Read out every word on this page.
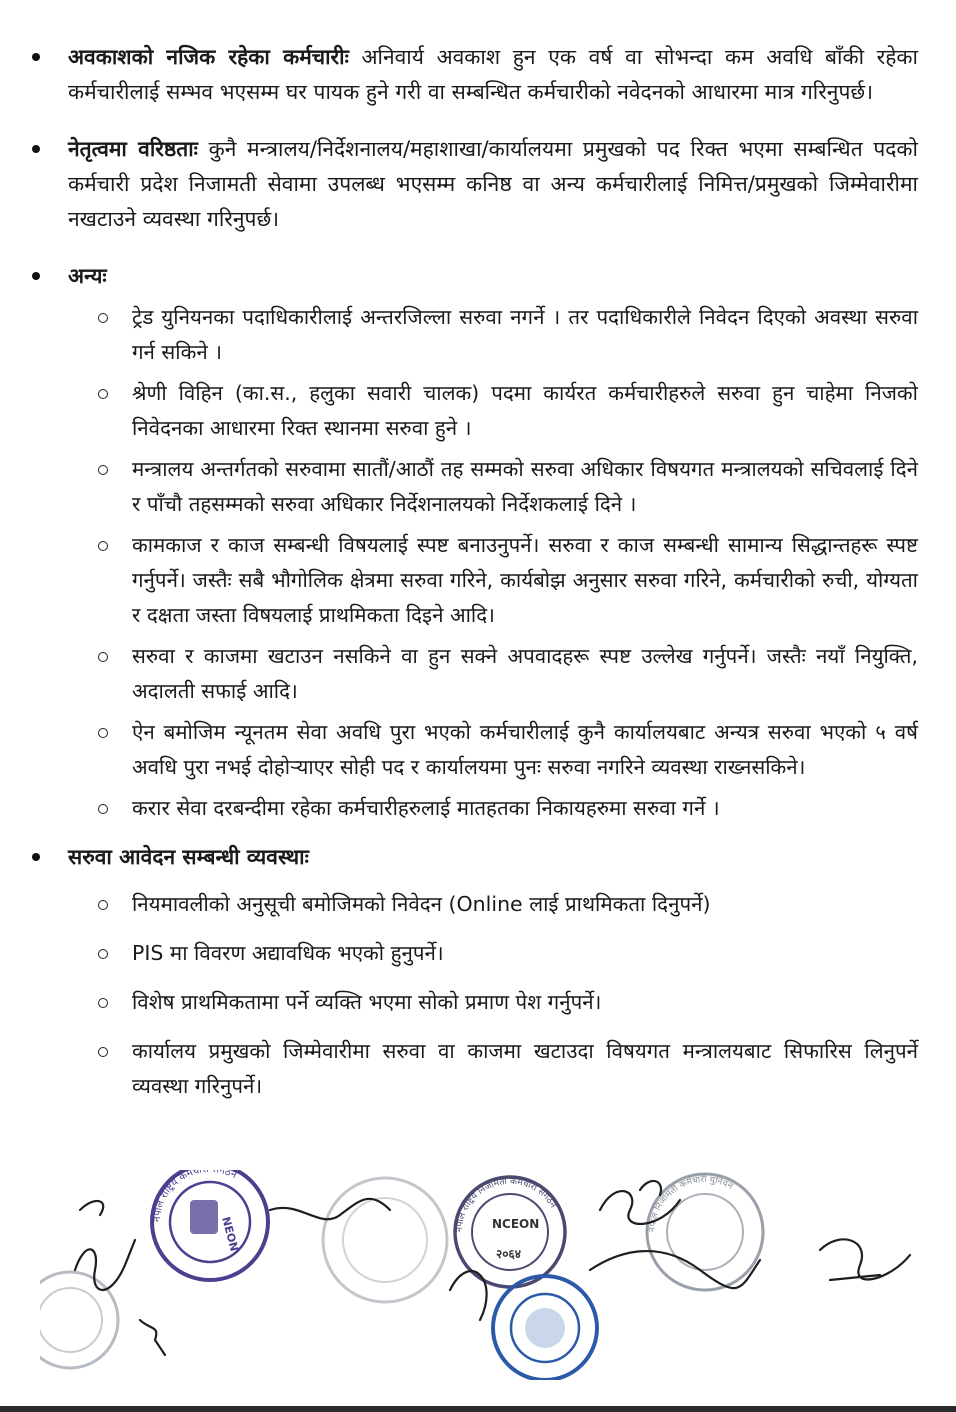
अवकाशको नजिक रहेका कर्मचारीः अनिवार्य अवकाश हुन एक वर्ष वा सोभन्दा कम अवधि बाँकी रहेका कर्मचारीलाई सम्भव भएसम्म घर पायक हुने गरी वा सम्बन्धित कर्मचारीको नवेदनको आधारमा मात्र गरिनुपर्छ।
नेतृत्वमा वरिष्ठताः कुनै मन्त्रालय/निर्देशनालय/महाशाखा/कार्यालयमा प्रमुखको पद रिक्त भएमा सम्बन्धित पदको कर्मचारी प्रदेश निजामती सेवामा उपलब्ध भएसम्म कनिष्ठ वा अन्य कर्मचारीलाई निमित्त/प्रमुखको जिम्मेवारीमा नखटाउने व्यवस्था गरिनुपर्छ।
अन्यः
ट्रेड युनियनका पदाधिकारीलाई अन्तरजिल्ला सरुवा नगर्ने । तर पदाधिकारीले निवेदन दिएको अवस्था सरुवा गर्न सकिने ।
श्रेणी विहिन (का.स., हलुका सवारी चालक) पदमा कार्यरत कर्मचारीहरुले सरुवा हुन चाहेमा निजको निवेदनका आधारमा रिक्त स्थानमा सरुवा हुने ।
मन्त्रालय अन्तर्गतको सरुवामा सातौं/आठौं तह सम्मको सरुवा अधिकार विषयगत मन्त्रालयको सचिवलाई दिने र पाँचौ तहसम्मको सरुवा अधिकार निर्देशनालयको निर्देशकलाई दिने ।
कामकाज र काज सम्बन्धी विषयलाई स्पष्ट बनाउनुपर्ने। सरुवा र काज सम्बन्धी सामान्य सिद्धान्तहरू स्पष्ट गर्नुपर्ने। जस्तैः सबै भौगोलिक क्षेत्रमा सरुवा गरिने, कार्यबोझ अनुसार सरुवा गरिने, कर्मचारीको रुची, योग्यता र दक्षता जस्ता विषयलाई प्राथमिकता दिइने आदि।
सरुवा र काजमा खटाउन नसकिने वा हुन सक्ने अपवादहरू स्पष्ट उल्लेख गर्नुपर्ने। जस्तैः नयाँ नियुक्ति, अदालती सफाई आदि।
ऐन बमोजिम न्यूनतम सेवा अवधि पुरा भएको कर्मचारीलाई कुनै कार्यालयबाट अन्यत्र सरुवा भएको ५ वर्ष अवधि पुरा नभई दोहोऱ्याएर सोही पद र कार्यालयमा पुनः सरुवा नगरिने व्यवस्था राख्नसकिने।
करार सेवा दरबन्दीमा रहेका कर्मचारीहरुलाई मातहतका निकायहरुमा सरुवा गर्ने ।
सरुवा आवेदन सम्बन्धी व्यवस्थाः
नियमावलीको अनुसूची बमोजिमको निवेदन (Online लाई प्राथमिकता दिनुपर्ने)
PIS मा विवरण अद्यावधिक भएको हुनुपर्ने।
विशेष प्राथमिकतामा पर्ने व्यक्ति भएमा सोको प्रमाण पेश गर्नुपर्ने।
कार्यालय प्रमुखको जिम्मेवारीमा सरुवा वा काजमा खटाउदा विषयगत मन्त्रालयबाट सिफारिस लिनुपर्ने व्यवस्था गरिनुपर्ने।
NEON
नेपाल राष्ट्रिय कर्मचा गठन
NCEON
२०६४
नेपाल राष्ट्रिय निजामती कर्मचारी संगठन
नेपाल निजामती कर्मचारी युनियन
